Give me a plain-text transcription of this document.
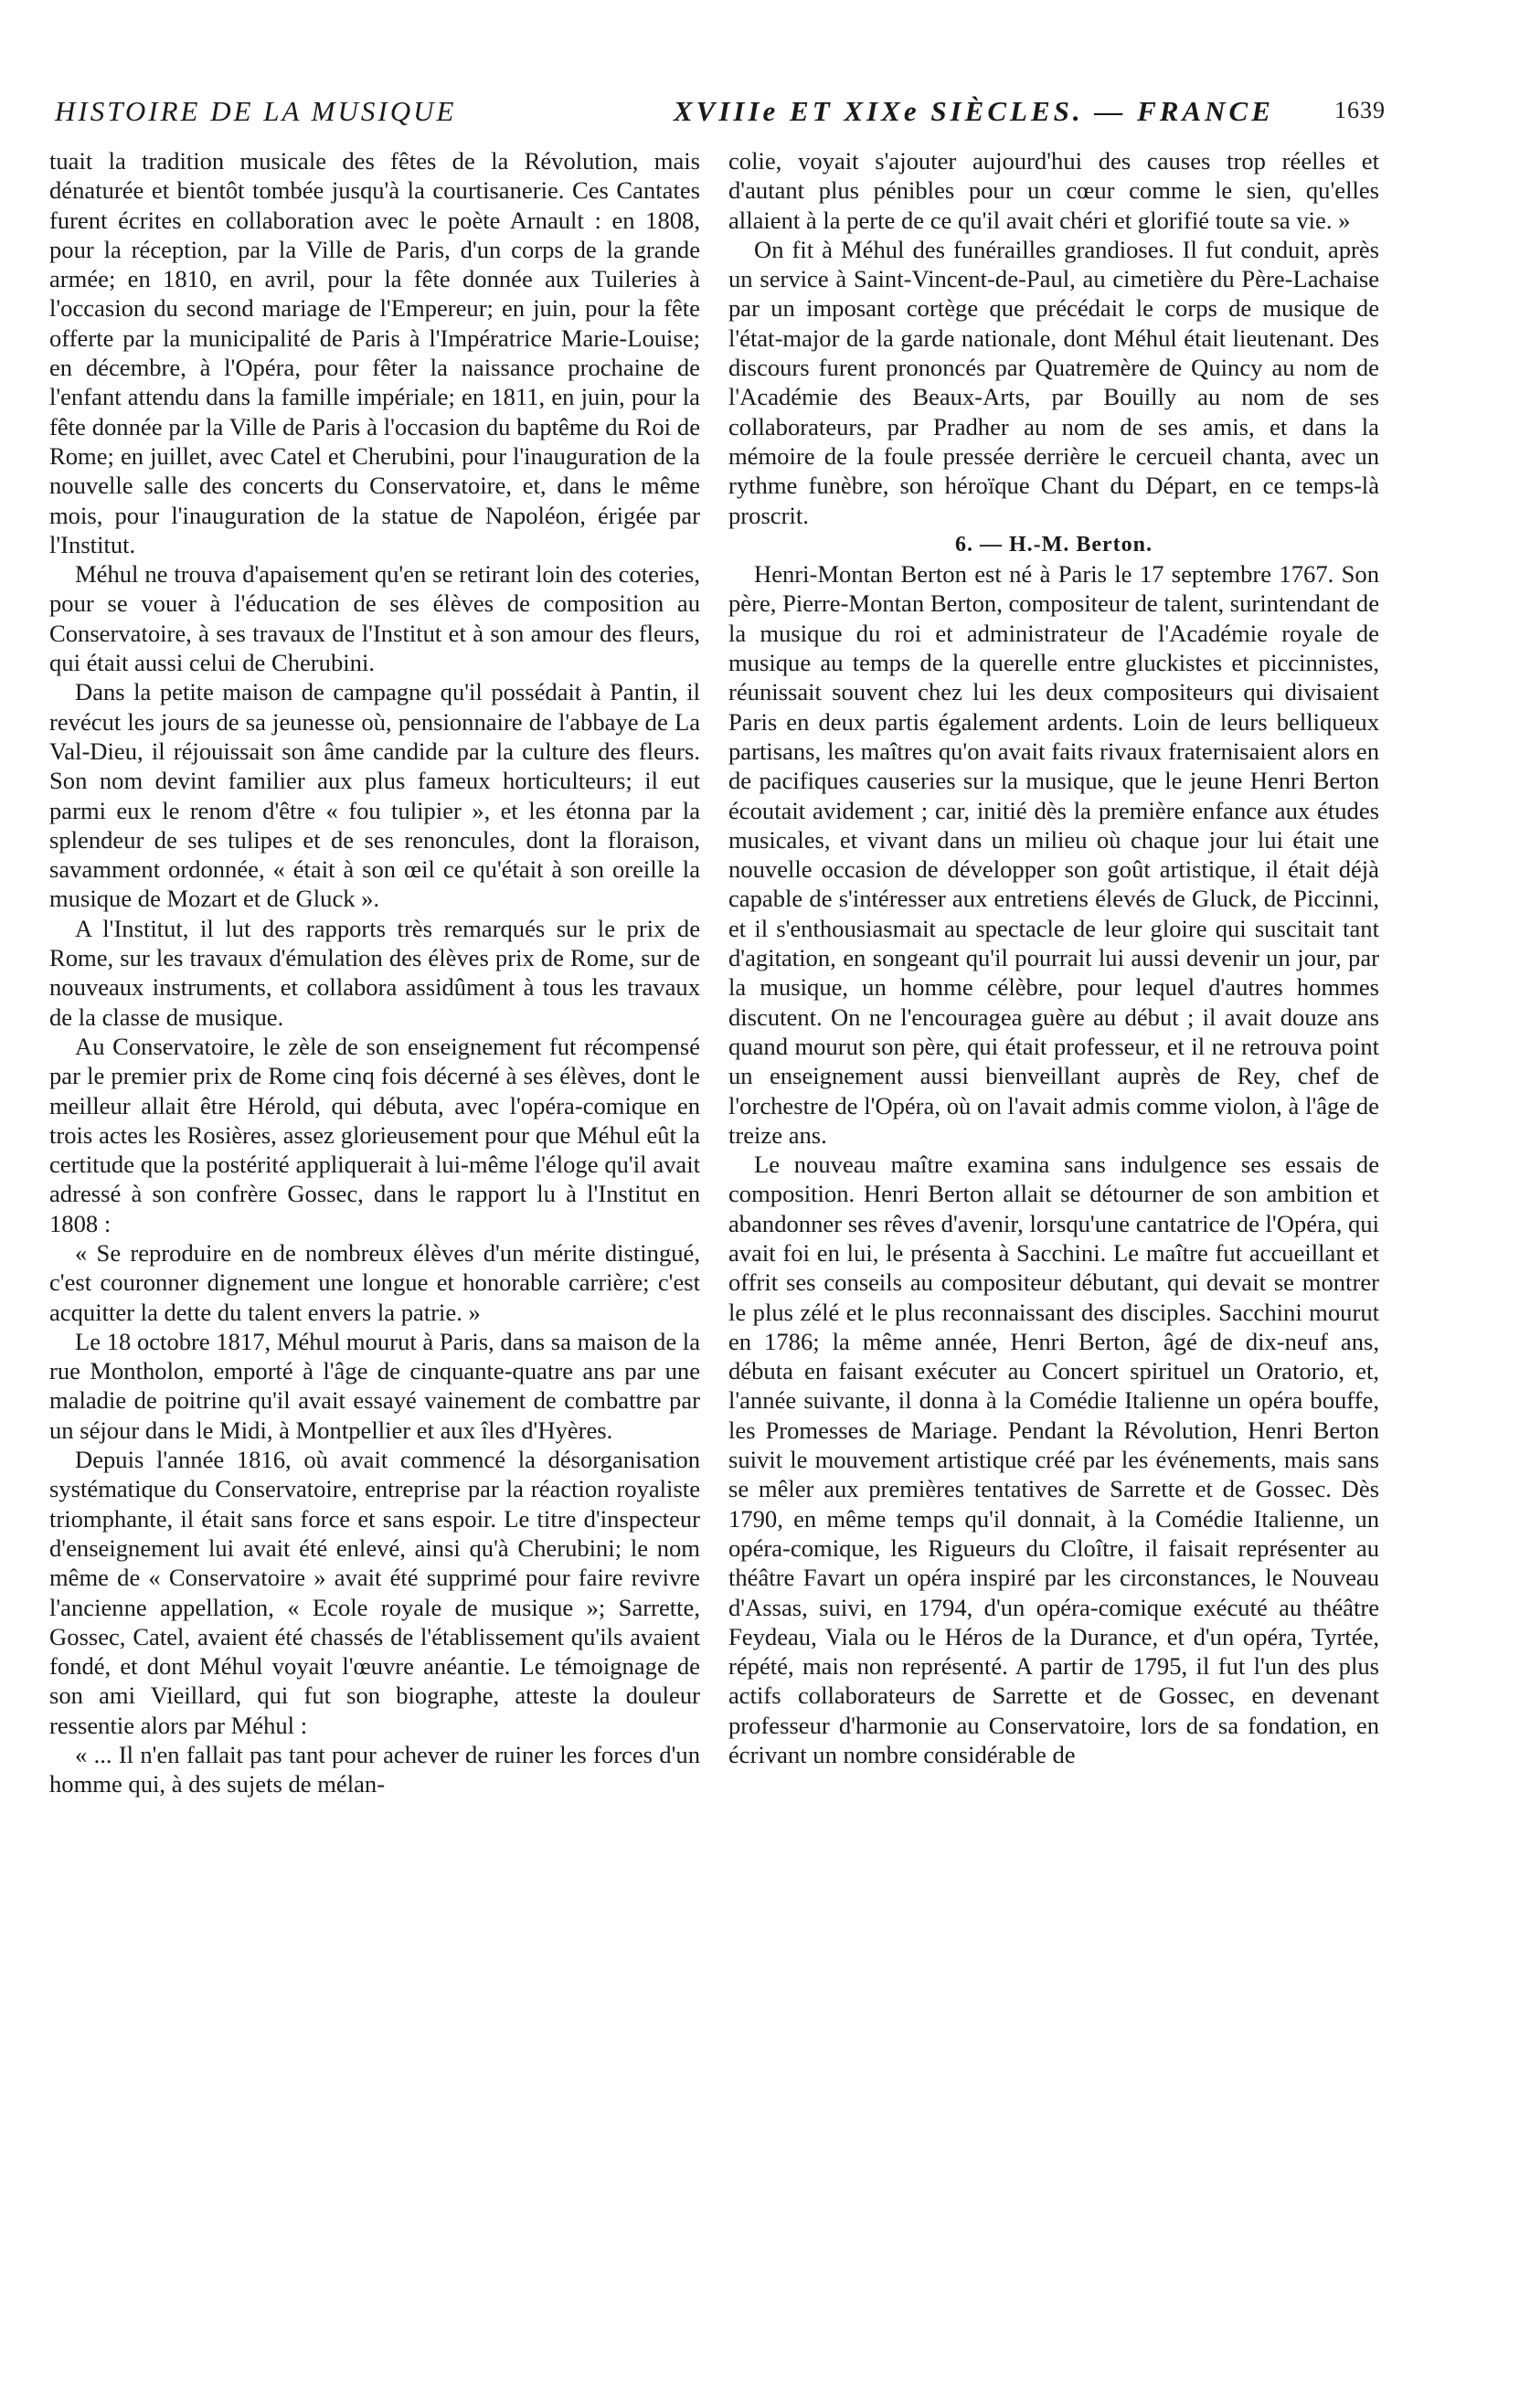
HISTOIRE DE LA MUSIQUE	XVIIIe ET XIXe SIÈCLES. — FRANCE	1639

tuait la tradition musicale des fêtes de la Révolution, mais dénaturée et bientôt tombée jusqu'à la courtisanerie. Ces Cantates furent écrites en collaboration avec le poète Arnault : en 1808, pour la réception, par la Ville de Paris, d'un corps de la grande armée; en 1810, en avril, pour la fête donnée aux Tuileries à l'occasion du second mariage de l'Empereur; en juin, pour la fête offerte par la municipalité de Paris à l'Impératrice Marie-Louise; en décembre, à l'Opéra, pour fêter la naissance prochaine de l'enfant attendu dans la famille impériale; en 1811, en juin, pour la fête donnée par la Ville de Paris à l'occasion du baptême du Roi de Rome; en juillet, avec Catel et Cherubini, pour l'inauguration de la nouvelle salle des concerts du Conservatoire, et, dans le même mois, pour l'inauguration de la statue de Napoléon, érigée par l'Institut.

Méhul ne trouva d'apaisement qu'en se retirant loin des coteries, pour se vouer à l'éducation de ses élèves de composition au Conservatoire, à ses travaux de l'Institut et à son amour des fleurs, qui était aussi celui de Cherubini.

Dans la petite maison de campagne qu'il possédait à Pantin, il revécut les jours de sa jeunesse où, pensionnaire de l'abbaye de La Val-Dieu, il réjouissait son âme candide par la culture des fleurs. Son nom devint familier aux plus fameux horticulteurs; il eut parmi eux le renom d'être « fou tulipier », et les étonna par la splendeur de ses tulipes et de ses renoncules, dont la floraison, savamment ordonnée, « était à son œil ce qu'était à son oreille la musique de Mozart et de Gluck ».

A l'Institut, il lut des rapports très remarqués sur le prix de Rome, sur les travaux d'émulation des élèves prix de Rome, sur de nouveaux instruments, et collabora assidûment à tous les travaux de la classe de musique.

Au Conservatoire, le zèle de son enseignement fut récompensé par le premier prix de Rome cinq fois décerné à ses élèves, dont le meilleur allait être Hérold, qui débuta, avec l'opéra-comique en trois actes les Rosières, assez glorieusement pour que Méhul eût la certitude que la postérité appliquerait à lui-même l'éloge qu'il avait adressé à son confrère Gossec, dans le rapport lu à l'Institut en 1808 :

« Se reproduire en de nombreux élèves d'un mérite distingué, c'est couronner dignement une longue et honorable carrière; c'est acquitter la dette du talent envers la patrie. »

Le 18 octobre 1817, Méhul mourut à Paris, dans sa maison de la rue Montholon, emporté à l'âge de cinquante-quatre ans par une maladie de poitrine qu'il avait essayé vainement de combattre par un séjour dans le Midi, à Montpellier et aux îles d'Hyères.

Depuis l'année 1816, où avait commencé la désorganisation systématique du Conservatoire, entreprise par la réaction royaliste triomphante, il était sans force et sans espoir. Le titre d'inspecteur d'enseignement lui avait été enlevé, ainsi qu'à Cherubini; le nom même de « Conservatoire » avait été supprimé pour faire revivre l'ancienne appellation, « Ecole royale de musique »; Sarrette, Gossec, Catel, avaient été chassés de l'établissement qu'ils avaient fondé, et dont Méhul voyait l'œuvre anéantie. Le témoignage de son ami Vieillard, qui fut son biographe, atteste la douleur ressentie alors par Méhul :

« ... Il n'en fallait pas tant pour achever de ruiner les forces d'un homme qui, à des sujets de mélan-

colie, voyait s'ajouter aujourd'hui des causes trop réelles et d'autant plus pénibles pour un cœur comme le sien, qu'elles allaient à la perte de ce qu'il avait chéri et glorifié toute sa vie. »

On fit à Méhul des funérailles grandioses. Il fut conduit, après un service à Saint-Vincent-de-Paul, au cimetière du Père-Lachaise par un imposant cortège que précédait le corps de musique de l'état-major de la garde nationale, dont Méhul était lieutenant. Des discours furent prononcés par Quatremère de Quincy au nom de l'Académie des Beaux-Arts, par Bouilly au nom de ses collaborateurs, par Pradher au nom de ses amis, et dans la mémoire de la foule pressée derrière le cercueil chanta, avec un rythme funèbre, son héroïque Chant du Départ, en ce temps-là proscrit.

6. — H.-M. Berton.

Henri-Montan Berton est né à Paris le 17 septembre 1767. Son père, Pierre-Montan Berton, compositeur de talent, surintendant de la musique du roi et administrateur de l'Académie royale de musique au temps de la querelle entre gluckistes et piccinnistes, réunissait souvent chez lui les deux compositeurs qui divisaient Paris en deux partis également ardents. Loin de leurs belliqueux partisans, les maîtres qu'on avait faits rivaux fraternisaient alors en de pacifiques causeries sur la musique, que le jeune Henri Berton écoutait avidement ; car, initié dès la première enfance aux études musicales, et vivant dans un milieu où chaque jour lui était une nouvelle occasion de développer son goût artistique, il était déjà capable de s'intéresser aux entretiens élevés de Gluck, de Piccinni, et il s'enthousiasmait au spectacle de leur gloire qui suscitait tant d'agitation, en songeant qu'il pourrait lui aussi devenir un jour, par la musique, un homme célèbre, pour lequel d'autres hommes discutent. On ne l'encouragea guère au début ; il avait douze ans quand mourut son père, qui était professeur, et il ne retrouva point un enseignement aussi bienveillant auprès de Rey, chef de l'orchestre de l'Opéra, où on l'avait admis comme violon, à l'âge de treize ans.

Le nouveau maître examina sans indulgence ses essais de composition. Henri Berton allait se détourner de son ambition et abandonner ses rêves d'avenir, lorsqu'une cantatrice de l'Opéra, qui avait foi en lui, le présenta à Sacchini. Le maître fut accueillant et offrit ses conseils au compositeur débutant, qui devait se montrer le plus zélé et le plus reconnaissant des disciples. Sacchini mourut en 1786; la même année, Henri Berton, âgé de dix-neuf ans, débuta en faisant exécuter au Concert spirituel un Oratorio, et, l'année suivante, il donna à la Comédie Italienne un opéra bouffe, les Promesses de Mariage. Pendant la Révolution, Henri Berton suivit le mouvement artistique créé par les événements, mais sans se mêler aux premières tentatives de Sarrette et de Gossec. Dès 1790, en même temps qu'il donnait, à la Comédie Italienne, un opéra-comique, les Rigueurs du Cloître, il faisait représenter au théâtre Favart un opéra inspiré par les circonstances, le Nouveau d'Assas, suivi, en 1794, d'un opéra-comique exécuté au théâtre Feydeau, Viala ou le Héros de la Durance, et d'un opéra, Tyrtée, répété, mais non représenté. A partir de 1795, il fut l'un des plus actifs collaborateurs de Sarrette et de Gossec, en devenant professeur d'harmonie au Conservatoire, lors de sa fondation, en écrivant un nombre considérable de
